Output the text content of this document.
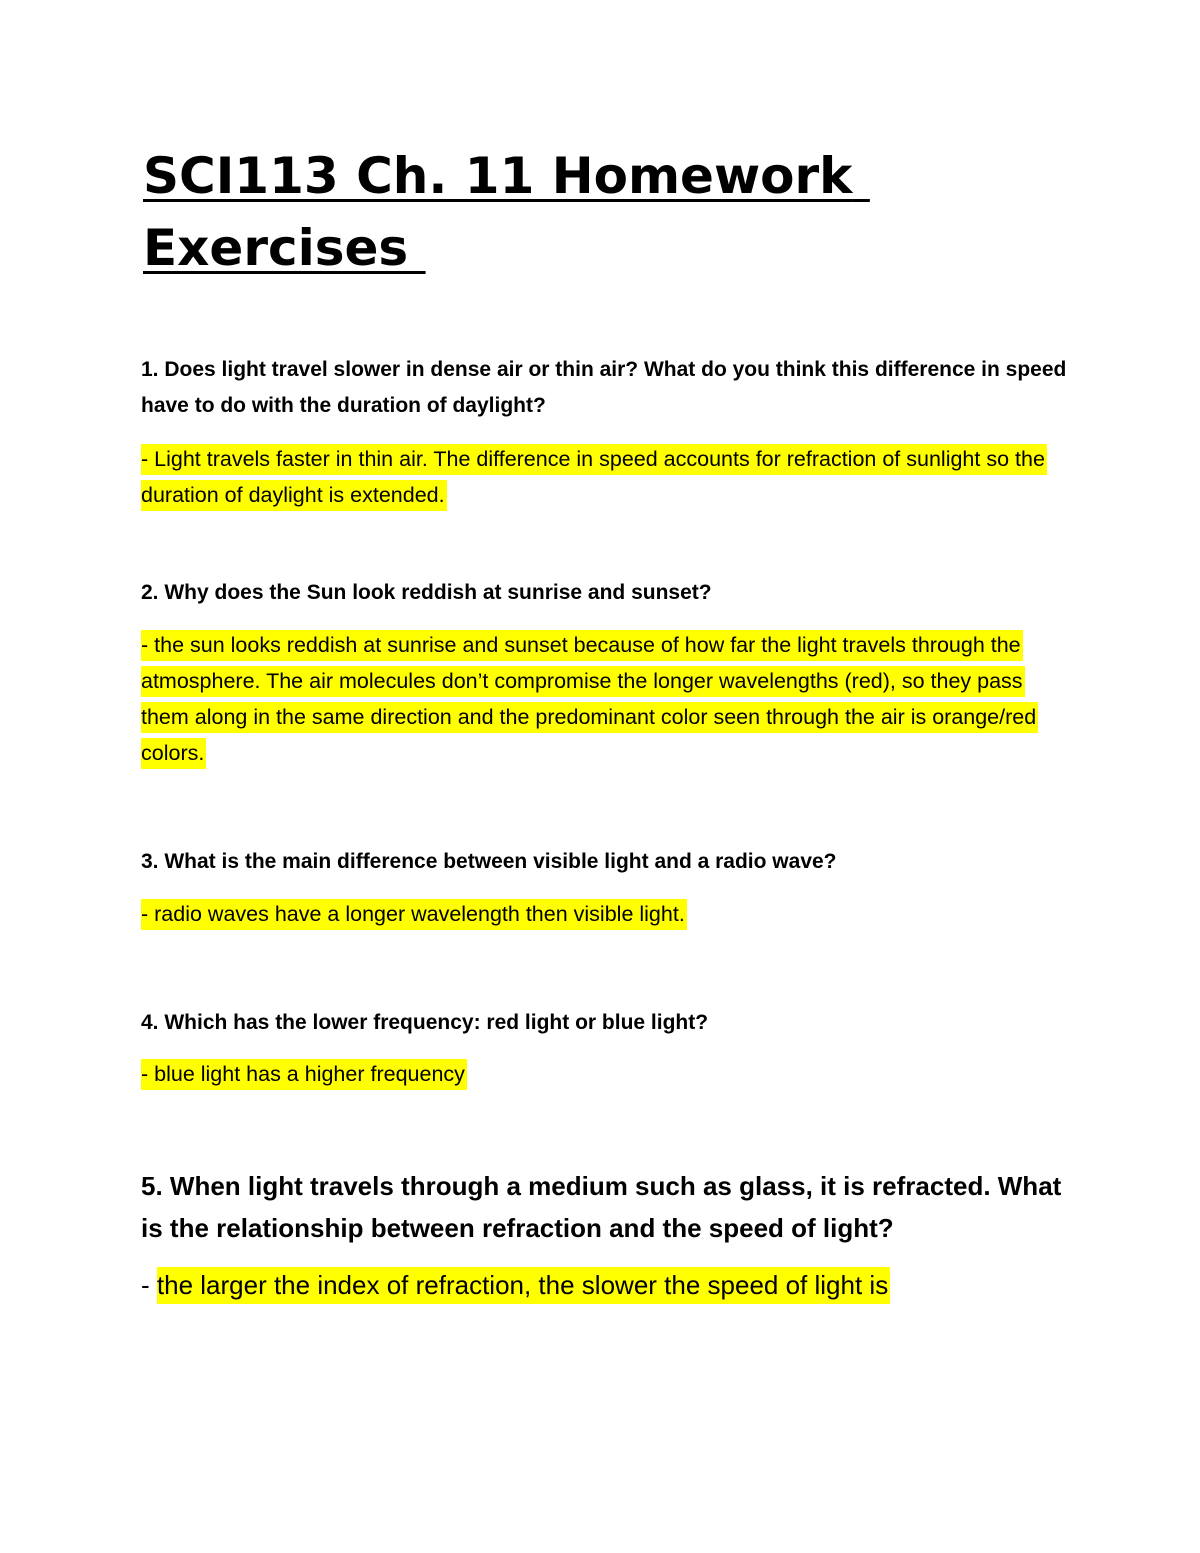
SCI113 Ch. 11 Homework Exercises

1. Does light travel slower in dense air or thin air? What do you think this difference in speed have to do with the duration of daylight?

- Light travels faster in thin air. The difference in speed accounts for refraction of sunlight so the duration of daylight is extended.

2. Why does the Sun look reddish at sunrise and sunset?

- the sun looks reddish at sunrise and sunset because of how far the light travels through the atmosphere. The air molecules don’t compromise the longer wavelengths (red), so they pass them along in the same direction and the predominant color seen through the air is orange/red colors.

3. What is the main difference between visible light and a radio wave?

- radio waves have a longer wavelength then visible light.

4. Which has the lower frequency: red light or blue light?

- blue light has a higher frequency

5. When light travels through a medium such as glass, it is refracted. What is the relationship between refraction and the speed of light?

- the larger the index of refraction, the slower the speed of light is
